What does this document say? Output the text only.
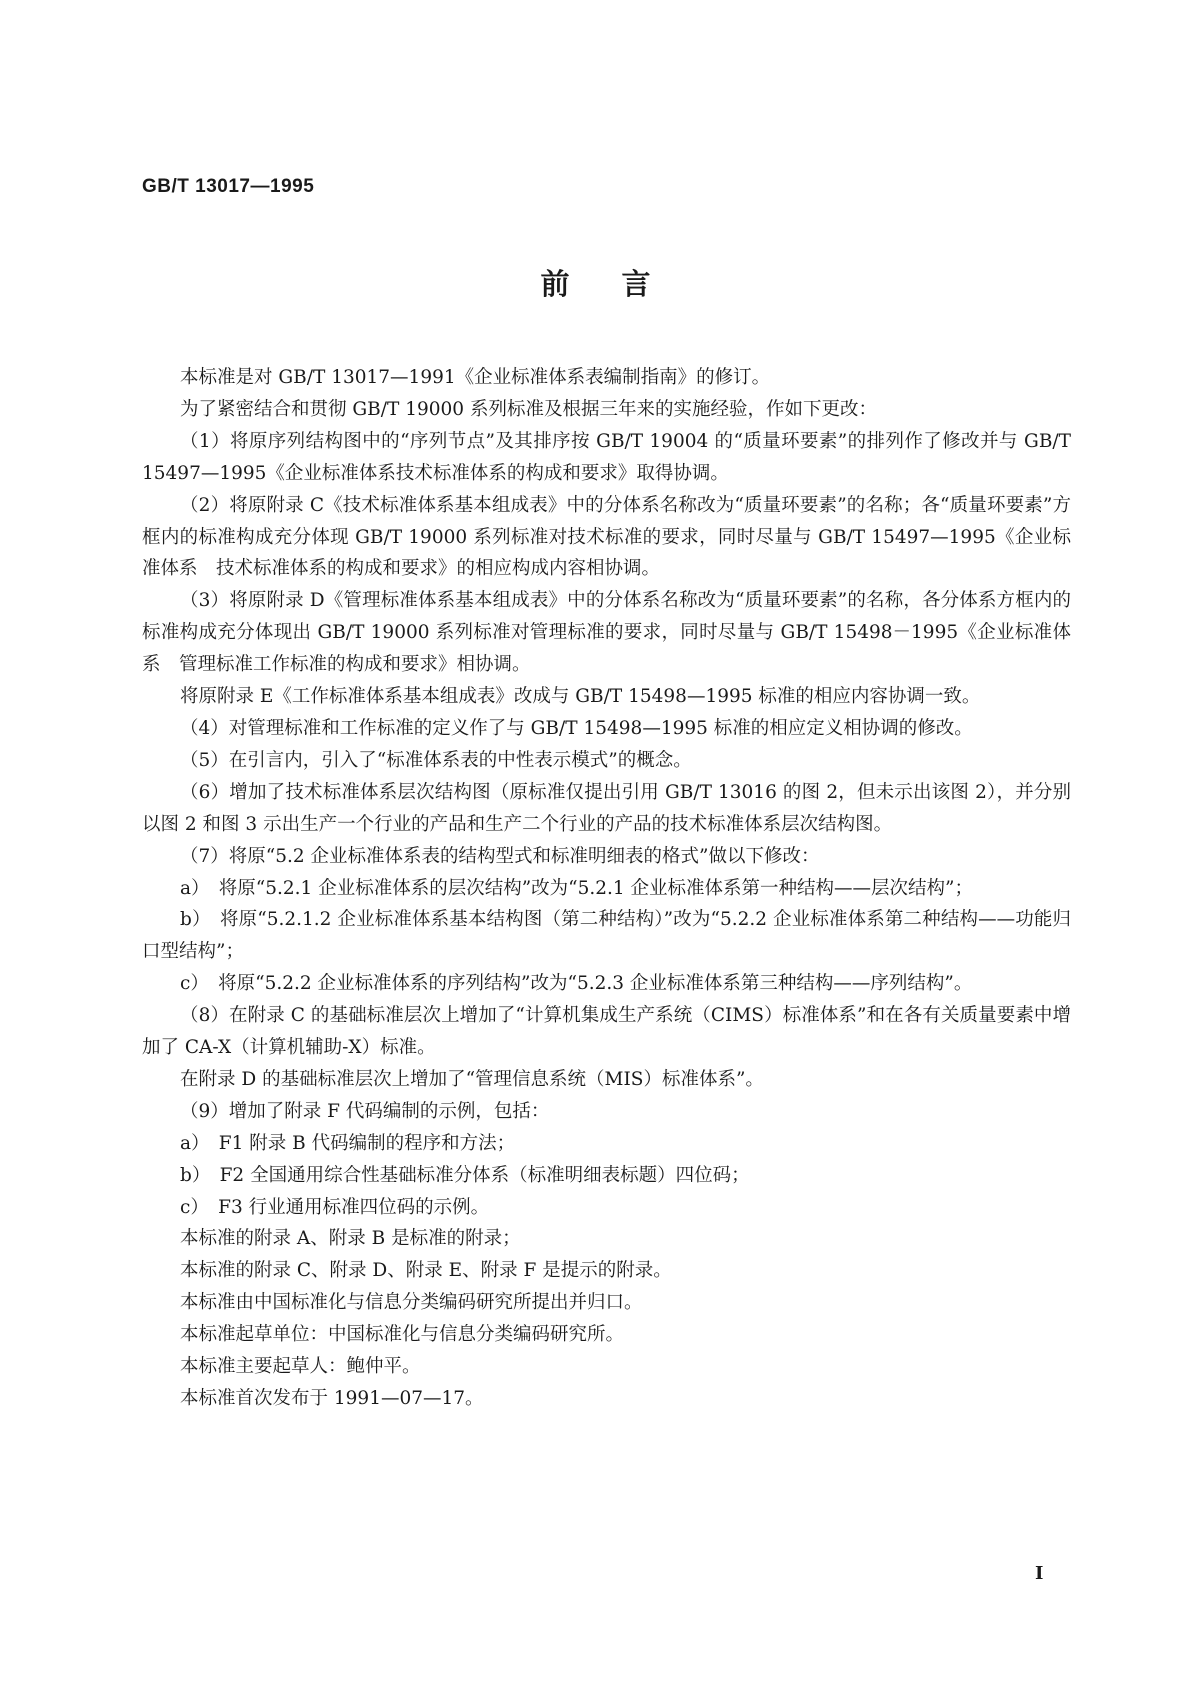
GB/T 13017—1995
前言

本标准是对 GB/T 13017—1991《企业标准体系表编制指南》的修订。

为了紧密结合和贯彻 GB/T 19000 系列标准及根据三年来的实施经验，作如下更改：

（1）将原序列结构图中的“序列节点”及其排序按 GB/T 19004 的“质量环要素”的排列作了修改并与 GB/T 15497—1995《企业标准体系技术标准体系的构成和要求》取得协调。

（2）将原附录 C《技术标准体系基本组成表》中的分体系名称改为“质量环要素”的名称；各“质量环要素”方框内的标准构成充分体现 GB/T 19000 系列标准对技术标准的要求，同时尽量与 GB/T 15497—1995《企业标准体系　技术标准体系的构成和要求》的相应构成内容相协调。

（3）将原附录 D《管理标准体系基本组成表》中的分体系名称改为“质量环要素”的名称，各分体系方框内的标准构成充分体现出 GB/T 19000 系列标准对管理标准的要求，同时尽量与 GB/T 15498－1995《企业标准体系　管理标准工作标准的构成和要求》相协调。

将原附录 E《工作标准体系基本组成表》改成与 GB/T 15498—1995 标准的相应内容协调一致。

（4）对管理标准和工作标准的定义作了与 GB/T 15498—1995 标准的相应定义相协调的修改。

（5）在引言内，引入了“标准体系表的中性表示模式”的概念。

（6）增加了技术标准体系层次结构图（原标准仅提出引用 GB/T 13016 的图 2，但未示出该图 2），并分别以图 2 和图 3 示出生产一个行业的产品和生产二个行业的产品的技术标准体系层次结构图。

（7）将原“5.2 企业标准体系表的结构型式和标准明细表的格式”做以下修改：

a）　将原“5.2.1 企业标准体系的层次结构”改为“5.2.1 企业标准体系第一种结构——层次结构”；

b）　将原“5.2.1.2 企业标准体系基本结构图（第二种结构）”改为“5.2.2 企业标准体系第二种结构——功能归口型结构”；

c）　将原“5.2.2 企业标准体系的序列结构”改为“5.2.3 企业标准体系第三种结构——序列结构”。

（8）在附录 C 的基础标准层次上增加了“计算机集成生产系统（CIMS）标准体系”和在各有关质量要素中增加了 CA-X（计算机辅助-X）标准。

在附录 D 的基础标准层次上增加了“管理信息系统（MIS）标准体系”。

（9）增加了附录 F 代码编制的示例，包括：

a）　F1 附录 B 代码编制的程序和方法；

b）　F2 全国通用综合性基础标准分体系（标准明细表标题）四位码；

c）　F3 行业通用标准四位码的示例。

本标准的附录 A、附录 B 是标准的附录；

本标准的附录 C、附录 D、附录 E、附录 F 是提示的附录。

本标准由中国标准化与信息分类编码研究所提出并归口。

本标准起草单位：中国标准化与信息分类编码研究所。

本标准主要起草人：鲍仲平。

本标准首次发布于 1991—07—17。

I
